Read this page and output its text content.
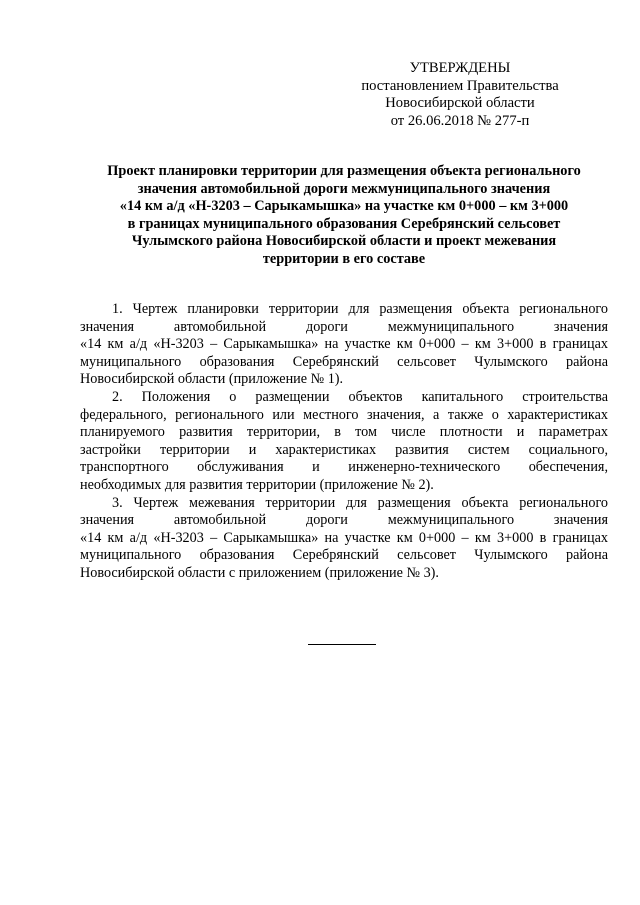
УТВЕРЖДЕНЫ
постановлением Правительства
Новосибирской области
от 26.06.2018 № 277-п
Проект планировки территории для размещения объекта регионального
значения автомобильной дороги межмуниципального значения
«14 км а/д «Н-3203 – Сарыкамышка» на участке км 0+000 – км 3+000
в границах муниципального образования Серебрянский сельсовет
Чулымского района Новосибирской области и проект межевания
территории в его составе
1. Чертеж планировки территории для размещения объекта регионального
значения автомобильной дороги межмуниципального значения
«14 км а/д «Н-3203 – Сарыкамышка» на участке км 0+000 – км 3+000 в границах
муниципального образования Серебрянский сельсовет Чулымского района
Новосибирской области (приложение № 1).
2. Положения о размещении объектов капитального строительства
федерального, регионального или местного значения, а также о характеристиках
планируемого развития территории, в том числе плотности и параметрах
застройки территории и характеристиках развития систем социального,
транспортного обслуживания и инженерно-технического обеспечения,
необходимых для развития территории (приложение № 2).
3. Чертеж межевания территории для размещения объекта регионального
значения автомобильной дороги межмуниципального значения
«14 км а/д «Н-3203 – Сарыкамышка» на участке км 0+000 – км 3+000 в границах
муниципального образования Серебрянский сельсовет Чулымского района
Новосибирской области с приложением (приложение № 3).
